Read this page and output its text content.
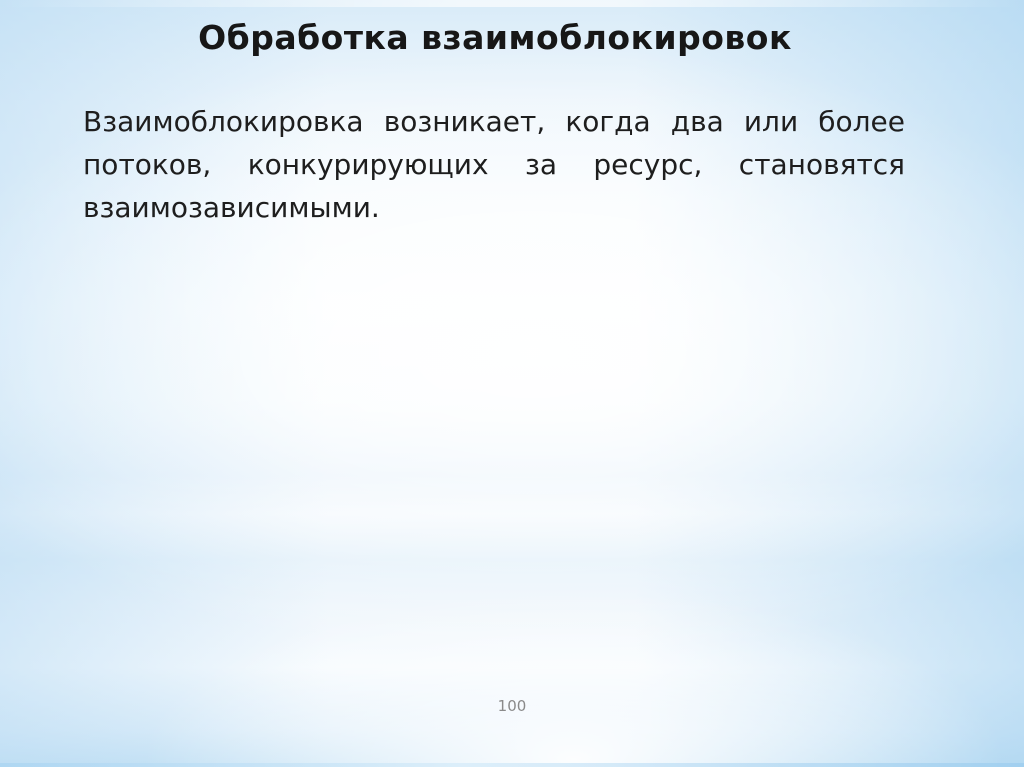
Обработка взаимоблокировок
Взаимоблокировка возникает, когда два или более
потоков, конкурирующих за ресурс, становятся
взаимозависимыми.
100
